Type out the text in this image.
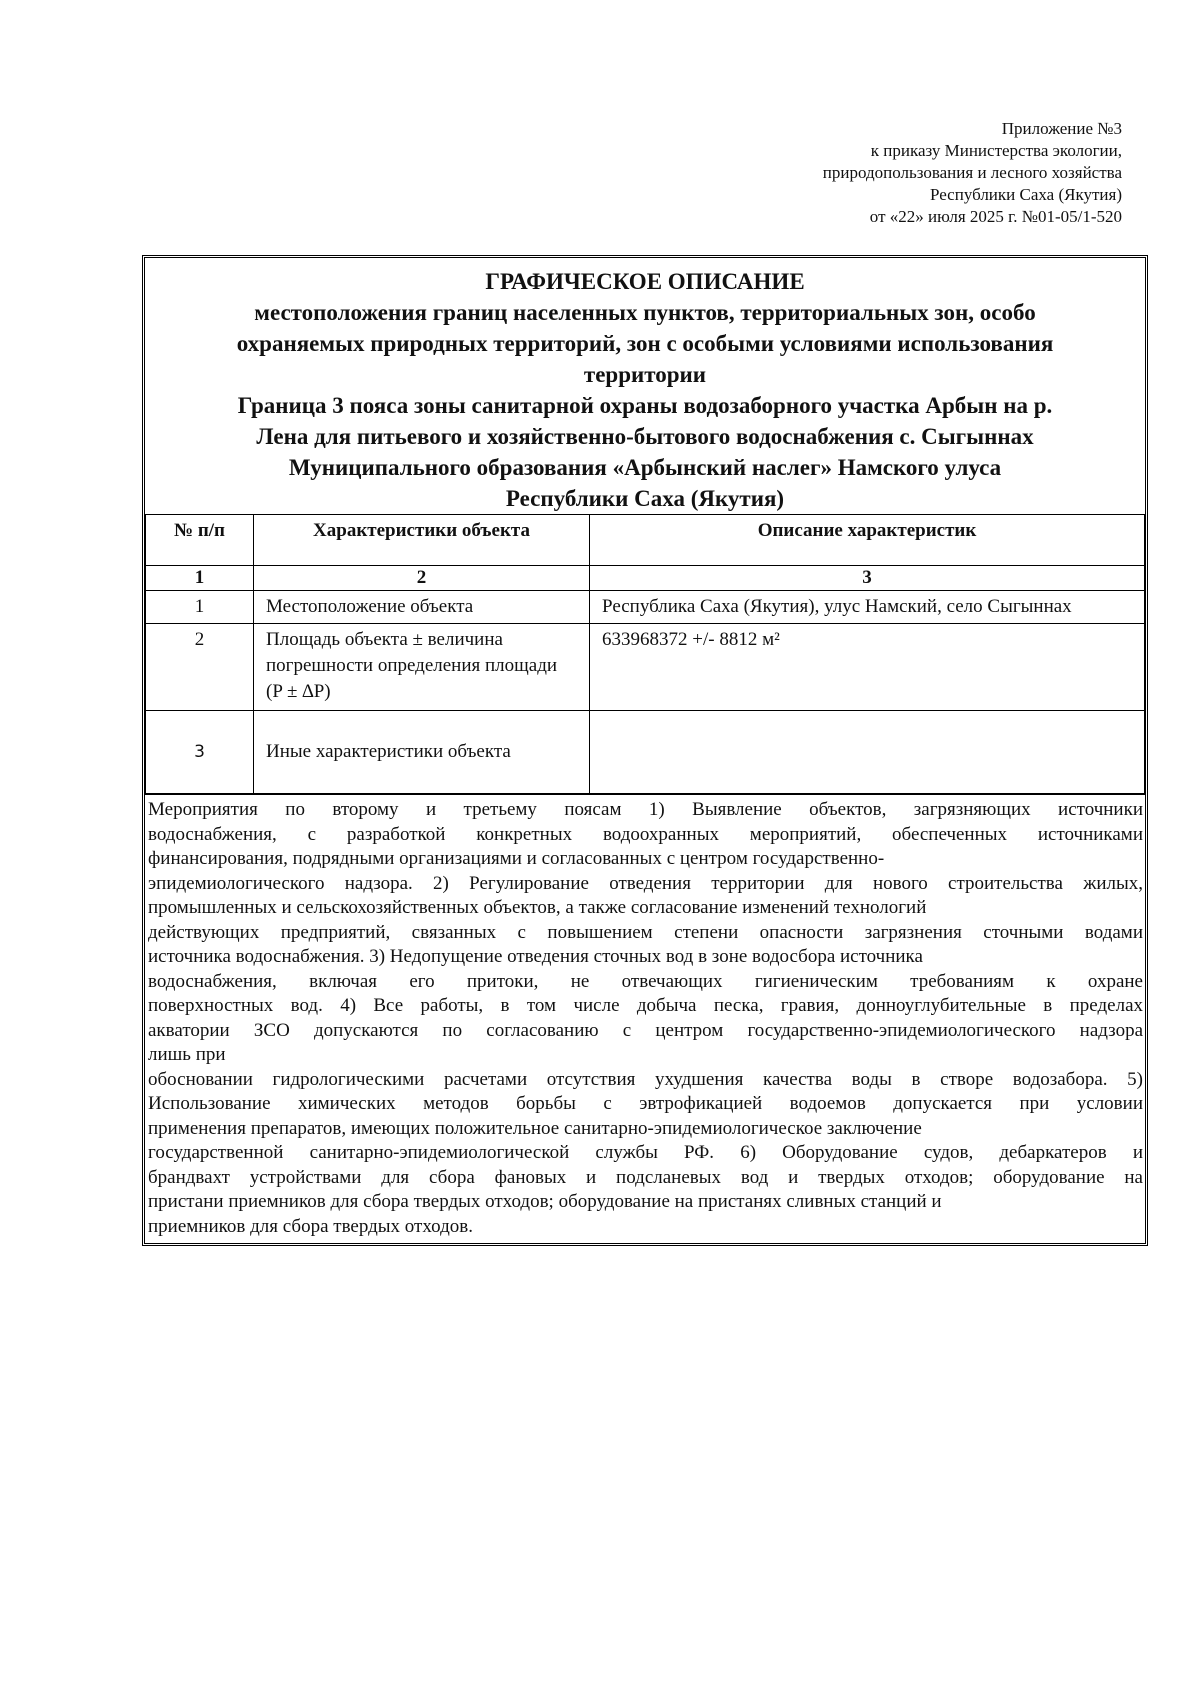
Приложение №3
к приказу Министерства экологии,
природопользования и лесного хозяйства
Республики Саха (Якутия)
от «22» июля 2025 г. №01-05/1-520
ГРАФИЧЕСКОЕ ОПИСАНИЕ
местоположения границ населенных пунктов, территориальных зон, особо
охраняемых природных территорий, зон с особыми условиями использования
территории
Граница 3 пояса зоны санитарной охраны водозаборного участка Арбын на р.
Лена для питьевого и хозяйственно-бытового водоснабжения с. Сыгыннах
Муниципального образования «Арбынский наслег» Намского улуса
Республики Саха (Якутия)
№ п/п	Характеристики объекта	Описание характеристик
1	2	3
1	Местоположение объекта	Республика Саха (Якутия), улус Намский, село Сыгыннах
2	Площадь объекта ± величина погрешности определения площади (P ± ∆P)	633968372 +/- 8812 м²
3	Иные характеристики объекта	
Мероприятия по второму и третьему поясам 1) Выявление объектов, загрязняющих источники
водоснабжения, с разработкой конкретных водоохранных мероприятий, обеспеченных источниками
финансирования, подрядными организациями и согласованных с центром государственно-
эпидемиологического надзора. 2) Регулирование отведения территории для нового строительства жилых,
промышленных и сельскохозяйственных объектов, а также согласование изменений технологий
действующих предприятий, связанных с повышением степени опасности загрязнения сточными водами
источника водоснабжения. 3) Недопущение отведения сточных вод в зоне водосбора источника
водоснабжения, включая его притоки, не отвечающих гигиеническим требованиям к охране
поверхностных вод. 4) Все работы, в том числе добыча песка, гравия, донноуглубительные в пределах
акватории ЗСО допускаются по согласованию с центром государственно-эпидемиологического надзора
лишь при
обосновании гидрологическими расчетами отсутствия ухудшения качества воды в створе водозабора. 5)
Использование химических методов борьбы с эвтрофикацией водоемов допускается при условии
применения препаратов, имеющих положительное санитарно-эпидемиологическое заключение
государственной санитарно-эпидемиологической службы РФ. 6) Оборудование судов, дебаркатеров и
брандвахт устройствами для сбора фановых и подсланевых вод и твердых отходов; оборудование на
пристани приемников для сбора твердых отходов; оборудование на пристанях сливных станций и
приемников для сбора твердых отходов.
